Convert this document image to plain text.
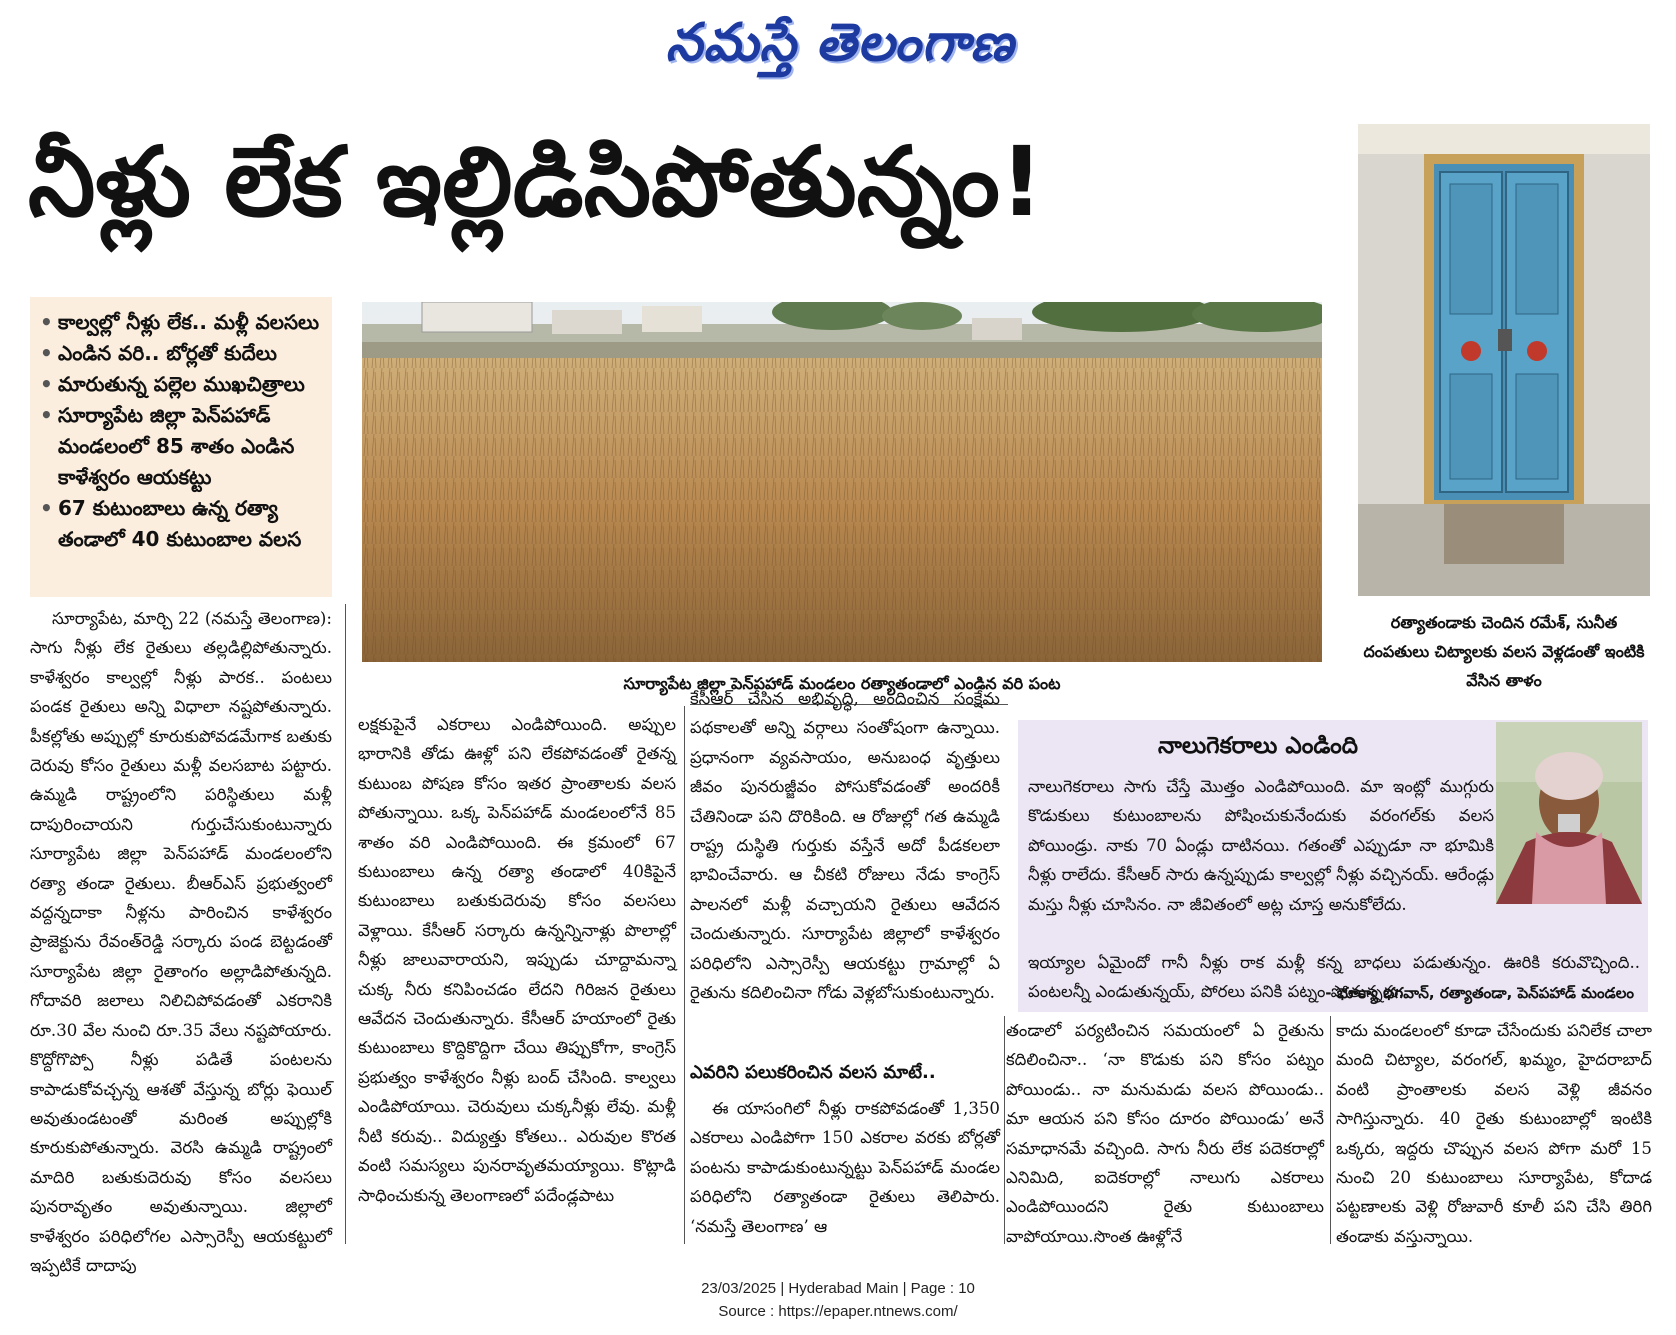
నమస్తే తెలంగాణ
నీళ్లు లేక ఇల్లిడిసిపోతున్నం!
• కాల్వల్లో నీళ్లు లేక.. మళ్లీ వలసలు
• ఎండిన వరి.. బోర్లతో కుదేలు
• మారుతున్న పల్లెల ముఖచిత్రాలు
• సూర్యాపేట జిల్లా పెన్‌పహాడ్ మండలంలో 85 శాతం ఎండిన కాళేశ్వరం ఆయకట్టు
• 67 కుటుంబాలు ఉన్న రత్యా తండాలో 40 కుటుంబాల వలస
సూర్యాపేట జిల్లా పెన్‌పహాడ్ మండలం రత్యాతండాలో ఎండిన వరి పంట
రత్యాతండాకు చెందిన రమేశ్, సునీత దంపతులు చిట్యాలకు వలస వెళ్లడంతో ఇంటికి వేసిన తాళం

సూర్యాపేట, మార్చి 22 (నమస్తే తెలంగాణ): సాగు నీళ్లు లేక రైతులు తల్లడిల్లిపోతున్నారు. కాళేశ్వరం కాల్వల్లో నీళ్లు పారక.. పంటలు పండక రైతులు అన్ని విధాలా నష్టపోతున్నారు. పీకల్లోతు అప్పుల్లో కూరుకుపోవడమేగాక బతుకు దెరువు కోసం రైతులు మళ్లీ వలసబాట పట్టారు. ఉమ్మడి రాష్ట్రంలోని పరిస్థితులు మళ్లీ దాపురించాయని గుర్తుచేసుకుంటున్నారు సూర్యాపేట జిల్లా పెన్‌పహాడ్ మండలంలోని రత్యా తండా రైతులు. బీఆర్‌ఎస్ ప్రభుత్వంలో వద్దన్నదాకా నీళ్లను పారించిన కాళేశ్వరం ప్రాజెక్టును రేవంత్‌రెడ్డి సర్కారు పండ బెట్టడంతో సూర్యాపేట జిల్లా రైతాంగం అల్లాడిపోతున్నది. గోదావరి జలాలు నిలిచిపోవడంతో ఎకరానికి రూ.30 వేల నుంచి రూ.35 వేలు నష్టపోయారు. కొద్దోగొప్పో నీళ్లు పడితే పంటలను కాపాడుకోవచ్చన్న ఆశతో వేస్తున్న బోర్లు ఫెయిల్ అవుతుండటంతో మరింత అప్పుల్లోకి కూరుకుపోతున్నారు. వెరసి ఉమ్మడి రాష్ట్రంలో మాదిరి బతుకుదెరువు కోసం వలసలు పునరావృతం అవుతున్నాయి. జిల్లాలో కాళేశ్వరం పరిధిలోగల ఎస్సారెస్పీ ఆయకట్టులో ఇప్పటికే దాదాపు

లక్షకుపైనే ఎకరాలు ఎండిపోయింది. అప్పుల భారానికి తోడు ఊళ్లో పని లేకపోవడంతో రైతన్న కుటుంబ పోషణ కోసం ఇతర ప్రాంతాలకు వలస పోతున్నాయి. ఒక్క పెన్‌పహాడ్ మండలంలోనే 85 శాతం వరి ఎండిపోయింది. ఈ క్రమంలో 67 కుటుంబాలు ఉన్న రత్యా తండాలో 40కిపైనే కుటుంబాలు బతుకుదెరువు కోసం వలసలు వెళ్లాయి. కేసీఆర్ సర్కారు ఉన్నన్నినాళ్లు పొలాల్లో నీళ్లు జాలువారాయని, ఇప్పుడు చూద్దామన్నా చుక్క నీరు కనిపించడం లేదని గిరిజన రైతులు ఆవేదన చెందుతున్నారు. కేసీఆర్ హయాంలో రైతు కుటుంబాలు కొద్దికొద్దిగా చేయి తిప్పుకోగా, కాంగ్రెస్ ప్రభుత్వం కాళేశ్వరం నీళ్లు బంద్ చేసింది. కాల్వలు ఎండిపోయాయి. చెరువులు చుక్కనీళ్లు లేవు. మళ్లీ నీటి కరువు.. విద్యుత్తు కోతలు.. ఎరువుల కొరత వంటి సమస్యలు పునరావృతమయ్యాయి. కొట్లాడి సాధించుకున్న తెలంగాణలో పదేండ్లపాటు

కేసీఆర్ చేసిన అభివృద్ధి, అందించిన సంక్షేమ పథకాలతో అన్ని వర్గాలు సంతోషంగా ఉన్నాయి. ప్రధానంగా వ్యవసాయం, అనుబంధ వృత్తులు జీవం పునరుజ్జీవం పోసుకోవడంతో అందరికీ చేతినిండా పని దొరికింది. ఆ రోజుల్లో గత ఉమ్మడి రాష్ట్ర దుస్థితి గుర్తుకు వస్తేనే అదో పీడకలలా భావించేవారు. ఆ చీకటి రోజులు నేడు కాంగ్రెస్ పాలనలో మళ్లీ వచ్చాయని రైతులు ఆవేదన చెందుతున్నారు. సూర్యాపేట జిల్లాలో కాళేశ్వరం పరిధిలోని ఎస్సారెస్పీ ఆయకట్టు గ్రామాల్లో ఏ రైతును కదిలించినా గోడు వెళ్లబోసుకుంటున్నారు.

ఎవరిని పలుకరించిన వలస మాటే..

ఈ యాసంగిలో నీళ్లు రాకపోవడంతో 1,350 ఎకరాలు ఎండిపోగా 150 ఎకరాల వరకు బోర్లతో పంటను కాపాడుకుంటున్నట్టు పెన్‌పహాడ్ మండల పరిధిలోని రత్యాతండా రైతులు తెలిపారు. ‘నమస్తే తెలంగాణ’ ఆ

తండాలో పర్యటించిన సమయంలో ఏ రైతును కదిలించినా.. ‘నా కొడుకు పని కోసం పట్నం పోయిండు.. నా మనుమడు వలస పోయిండు.. మా ఆయన పని కోసం దూరం పోయిండు’ అనే సమాధానమే వచ్చింది. సాగు నీరు లేక పదెకరాల్లో ఎనిమిది, ఐదెకరాల్లో నాలుగు ఎకరాలు ఎండిపోయిందని రైతు కుటుంబాలు వాపోయాయి.సొంత ఊళ్లోనే

కాదు మండలంలో కూడా చేసేందుకు పనిలేక చాలా మంది చిట్యాల, వరంగల్, ఖమ్మం, హైదరాబాద్ వంటి ప్రాంతాలకు వలస వెళ్లి జీవనం సాగిస్తున్నారు. 40 రైతు కుటుంబాల్లో ఇంటికి ఒక్కరు, ఇద్దరు చొప్పున వలస పోగా మరో 15 నుంచి 20 కుటుంబాలు సూర్యాపేట, కోదాడ పట్టణాలకు వెళ్లి రోజువారీ కూలీ పని చేసి తిరిగి తండాకు వస్తున్నాయి.

నాలుగెకరాలు ఎండింది
నాలుగెకరాలు సాగు చేస్తే మొత్తం ఎండిపోయింది. మా ఇంట్లో ముగ్గురు కొడుకులు కుటుంబాలను పోషించుకునేందుకు వరంగల్‌కు వలస పోయిండ్రు. నాకు 70 ఏండ్లు దాటినయి. గతంతో ఎప్పుడూ నా భూమికి నీళ్లు రాలేదు. కేసీఆర్ సారు ఉన్నప్పుడు కాల్వల్లో నీళ్లు వచ్చినయ్. ఆరేండ్లు మస్తు నీళ్లు చూసినం. నా జీవితంలో అట్ల చూస్త అనుకోలేదు.
ఇయ్యాల ఏమైందో గానీ నీళ్లు రాక మళ్లీ కన్న బాధలు పడుతున్నం. ఊరికి కరువొచ్చింది.. పంటలన్నీ ఎండుతున్నయ్, పోరలు పనికి పట్నం పోతున్నరు.
- భూక్యా భగవాన్, రత్యాతండా, పెన్‌పహాడ్ మండలం
23/03/2025 | Hyderabad Main | Page : 10
Source : https://epaper.ntnews.com/
